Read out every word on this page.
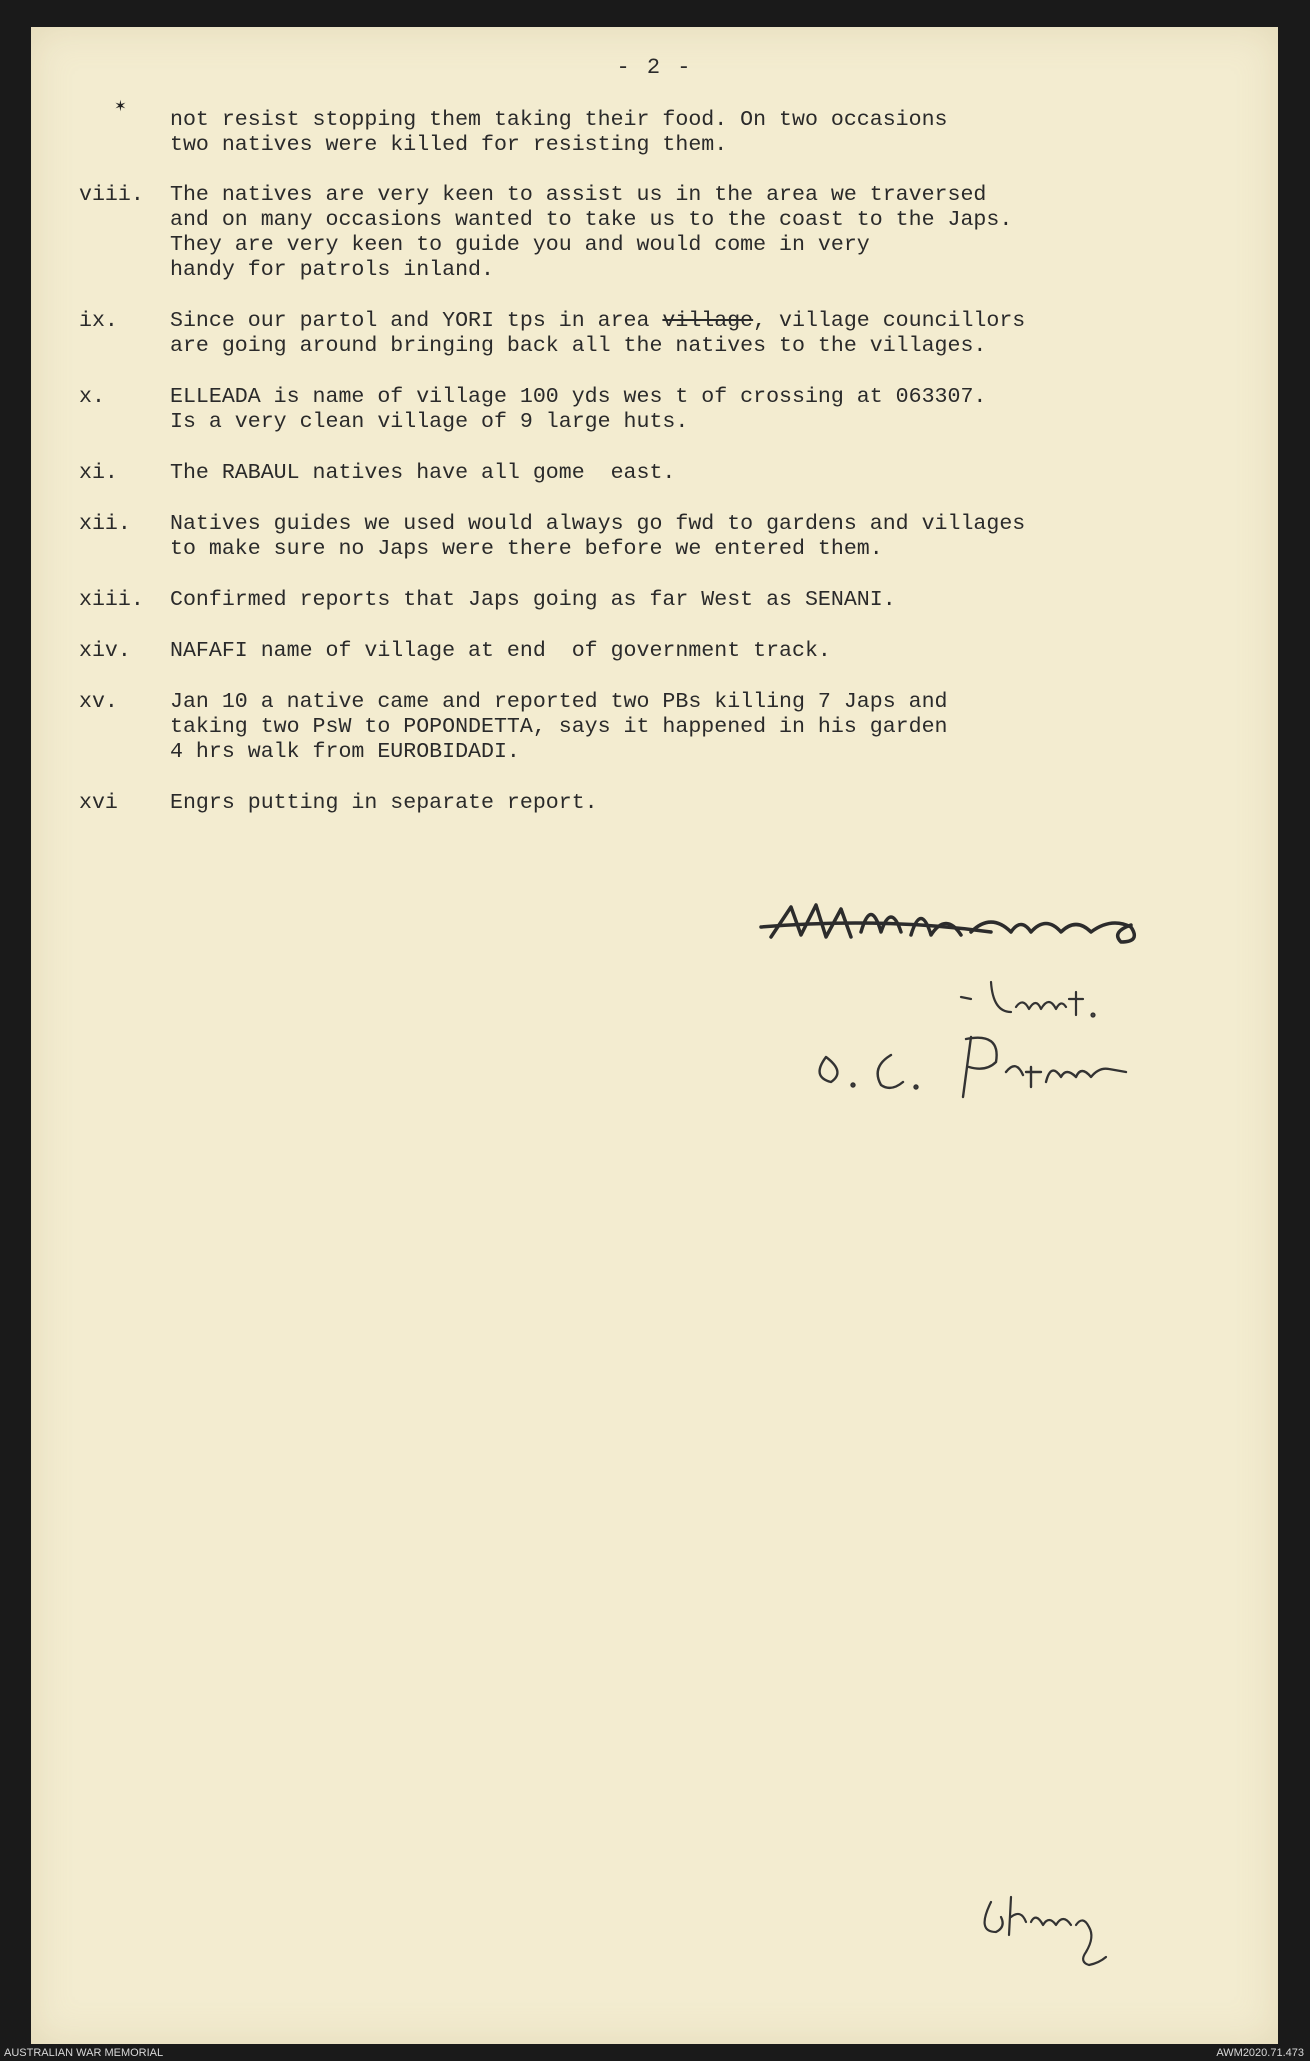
- 2 -
✶
not resist stopping them taking their food. On two occasions
two natives were killed for resisting them.
viii. The natives are very keen to assist us in the area we traversed
and on many occasions wanted to take us to the coast to the Japs.
They are very keen to guide you and would come in very
handy for patrols inland.
ix. Since our partol and YORI tps in area village, village councillors
are going around bringing back all the natives to the villages.
x.	ELLEADA is name of village 100 yds wes t of crossing at 063307.
Is a very clean village of 9 large huts.
xi. The RABAUL natives have all gome  east.
xii. Natives guides we used would always go fwd to gardens and villages
to make sure no Japs were there before we entered them.
xiii. Confirmed reports that Japs going as far West as SENANI.
xiv. NAFAFI name of village at end  of government track.
xv. Jan 10 a native came and reported two PBs killing 7 Japs and
taking two PsW to POPONDETTA, says it happened in his garden
4 hrs walk from EUROBIDADI.
xvi Engrs putting in separate report.
AUSTRALIAN WAR MEMORIAL	AWM2020.71.473
